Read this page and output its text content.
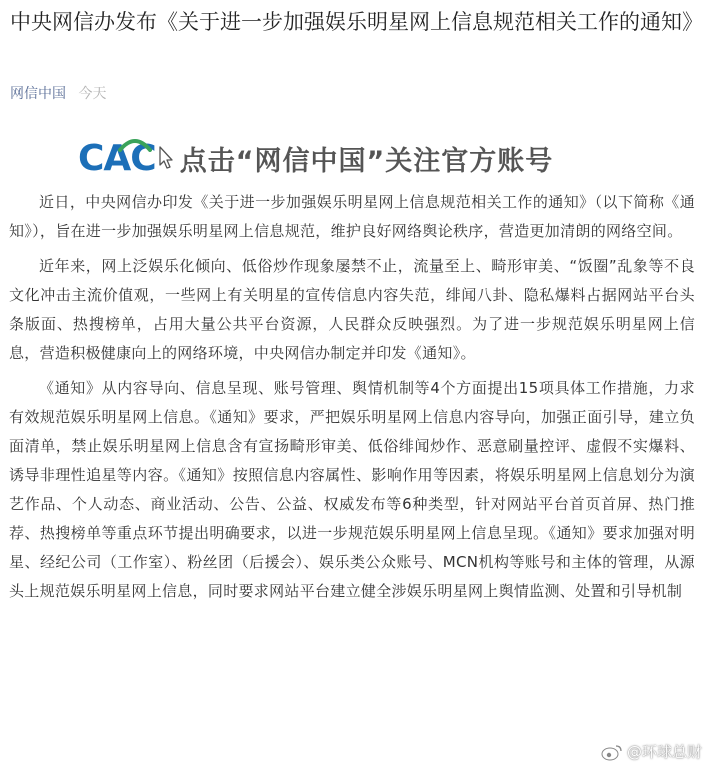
中央网信办发布《关于进一步加强娱乐明星网上信息规范相关工作的通知》
网信中国 今天
CAC 点击“网信中国”关注官方账号

近日，中央网信办印发《关于进一步加强娱乐明星网上信息规范相关工作的通知》（以下简称《通知》），旨在进一步加强娱乐明星网上信息规范，维护良好网络舆论秩序，营造更加清朗的网络空间。

近年来，网上泛娱乐化倾向、低俗炒作现象屡禁不止，流量至上、畸形审美、“饭圈”乱象等不良文化冲击主流价值观，一些网上有关明星的宣传信息内容失范，绯闻八卦、隐私爆料占据网站平台头条版面、热搜榜单，占用大量公共平台资源，人民群众反映强烈。为了进一步规范娱乐明星网上信息，营造积极健康向上的网络环境，中央网信办制定并印发《通知》。

《通知》从内容导向、信息呈现、账号管理、舆情机制等4个方面提出15项具体工作措施，力求有效规范娱乐明星网上信息。《通知》要求，严把娱乐明星网上信息内容导向，加强正面引导，建立负面清单，禁止娱乐明星网上信息含有宣扬畸形审美、低俗绯闻炒作、恶意刷量控评、虚假不实爆料、诱导非理性追星等内容。《通知》按照信息内容属性、影响作用等因素，将娱乐明星网上信息划分为演艺作品、个人动态、商业活动、公告、公益、权威发布等6种类型，针对网站平台首页首屏、热门推荐、热搜榜单等重点环节提出明确要求，以进一步规范娱乐明星网上信息呈现。《通知》要求加强对明星、经纪公司（工作室）、粉丝团（后援会）、娱乐类公众账号、MCN机构等账号和主体的管理，从源头上规范娱乐明星网上信息，同时要求网站平台建立健全涉娱乐明星网上舆情监测、处置和引导机制

@环球总财
